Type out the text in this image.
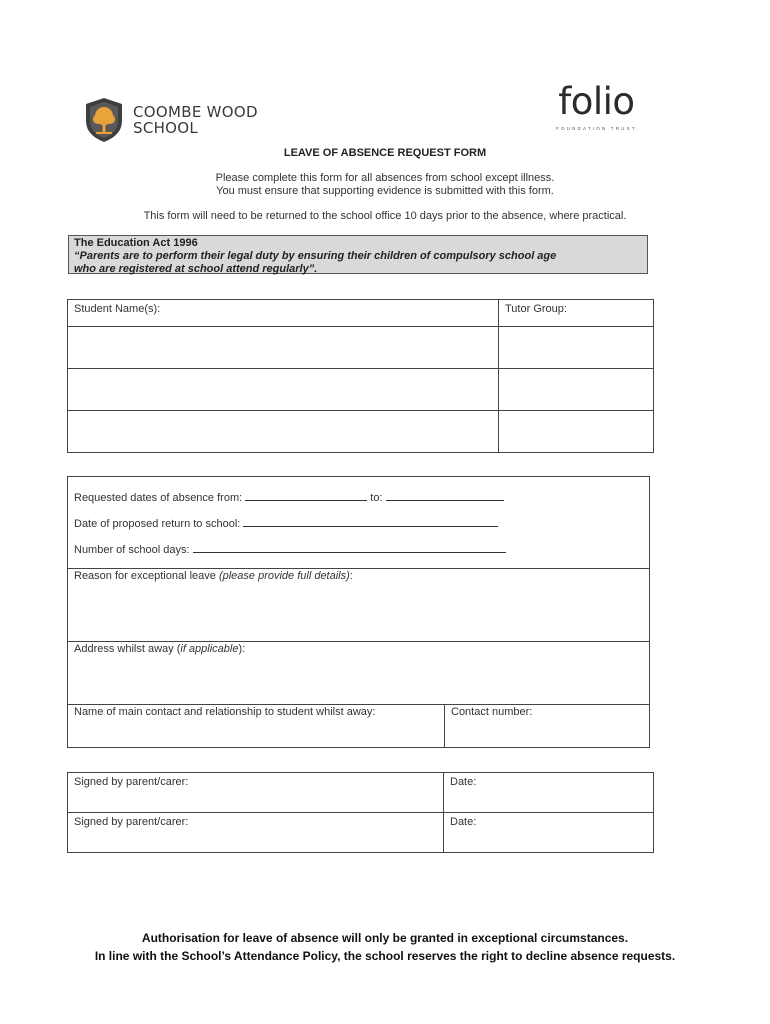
COOMBE WOOD
SCHOOL
folio
FOUNDATION TRUST
LEAVE OF ABSENCE REQUEST FORM
Please complete this form for all absences from school except illness.
You must ensure that supporting evidence is submitted with this form.
This form will need to be returned to the school office 10 days prior to the absence, where practical.
The Education Act 1996
“Parents are to perform their legal duty by ensuring their children of compulsory school age
who are registered at school attend regularly”.
Student Name(s):	Tutor Group:

Requested dates of absence from:	to:
Date of proposed return to school:
Number of school days:
Reason for exceptional leave (please provide full details):
Address whilst away (if applicable):
Name of main contact and relationship to student whilst away:	Contact number:
Signed by parent/carer:	Date:
Signed by parent/carer:	Date:
Authorisation for leave of absence will only be granted in exceptional circumstances.
In line with the School’s Attendance Policy, the school reserves the right to decline absence requests.
